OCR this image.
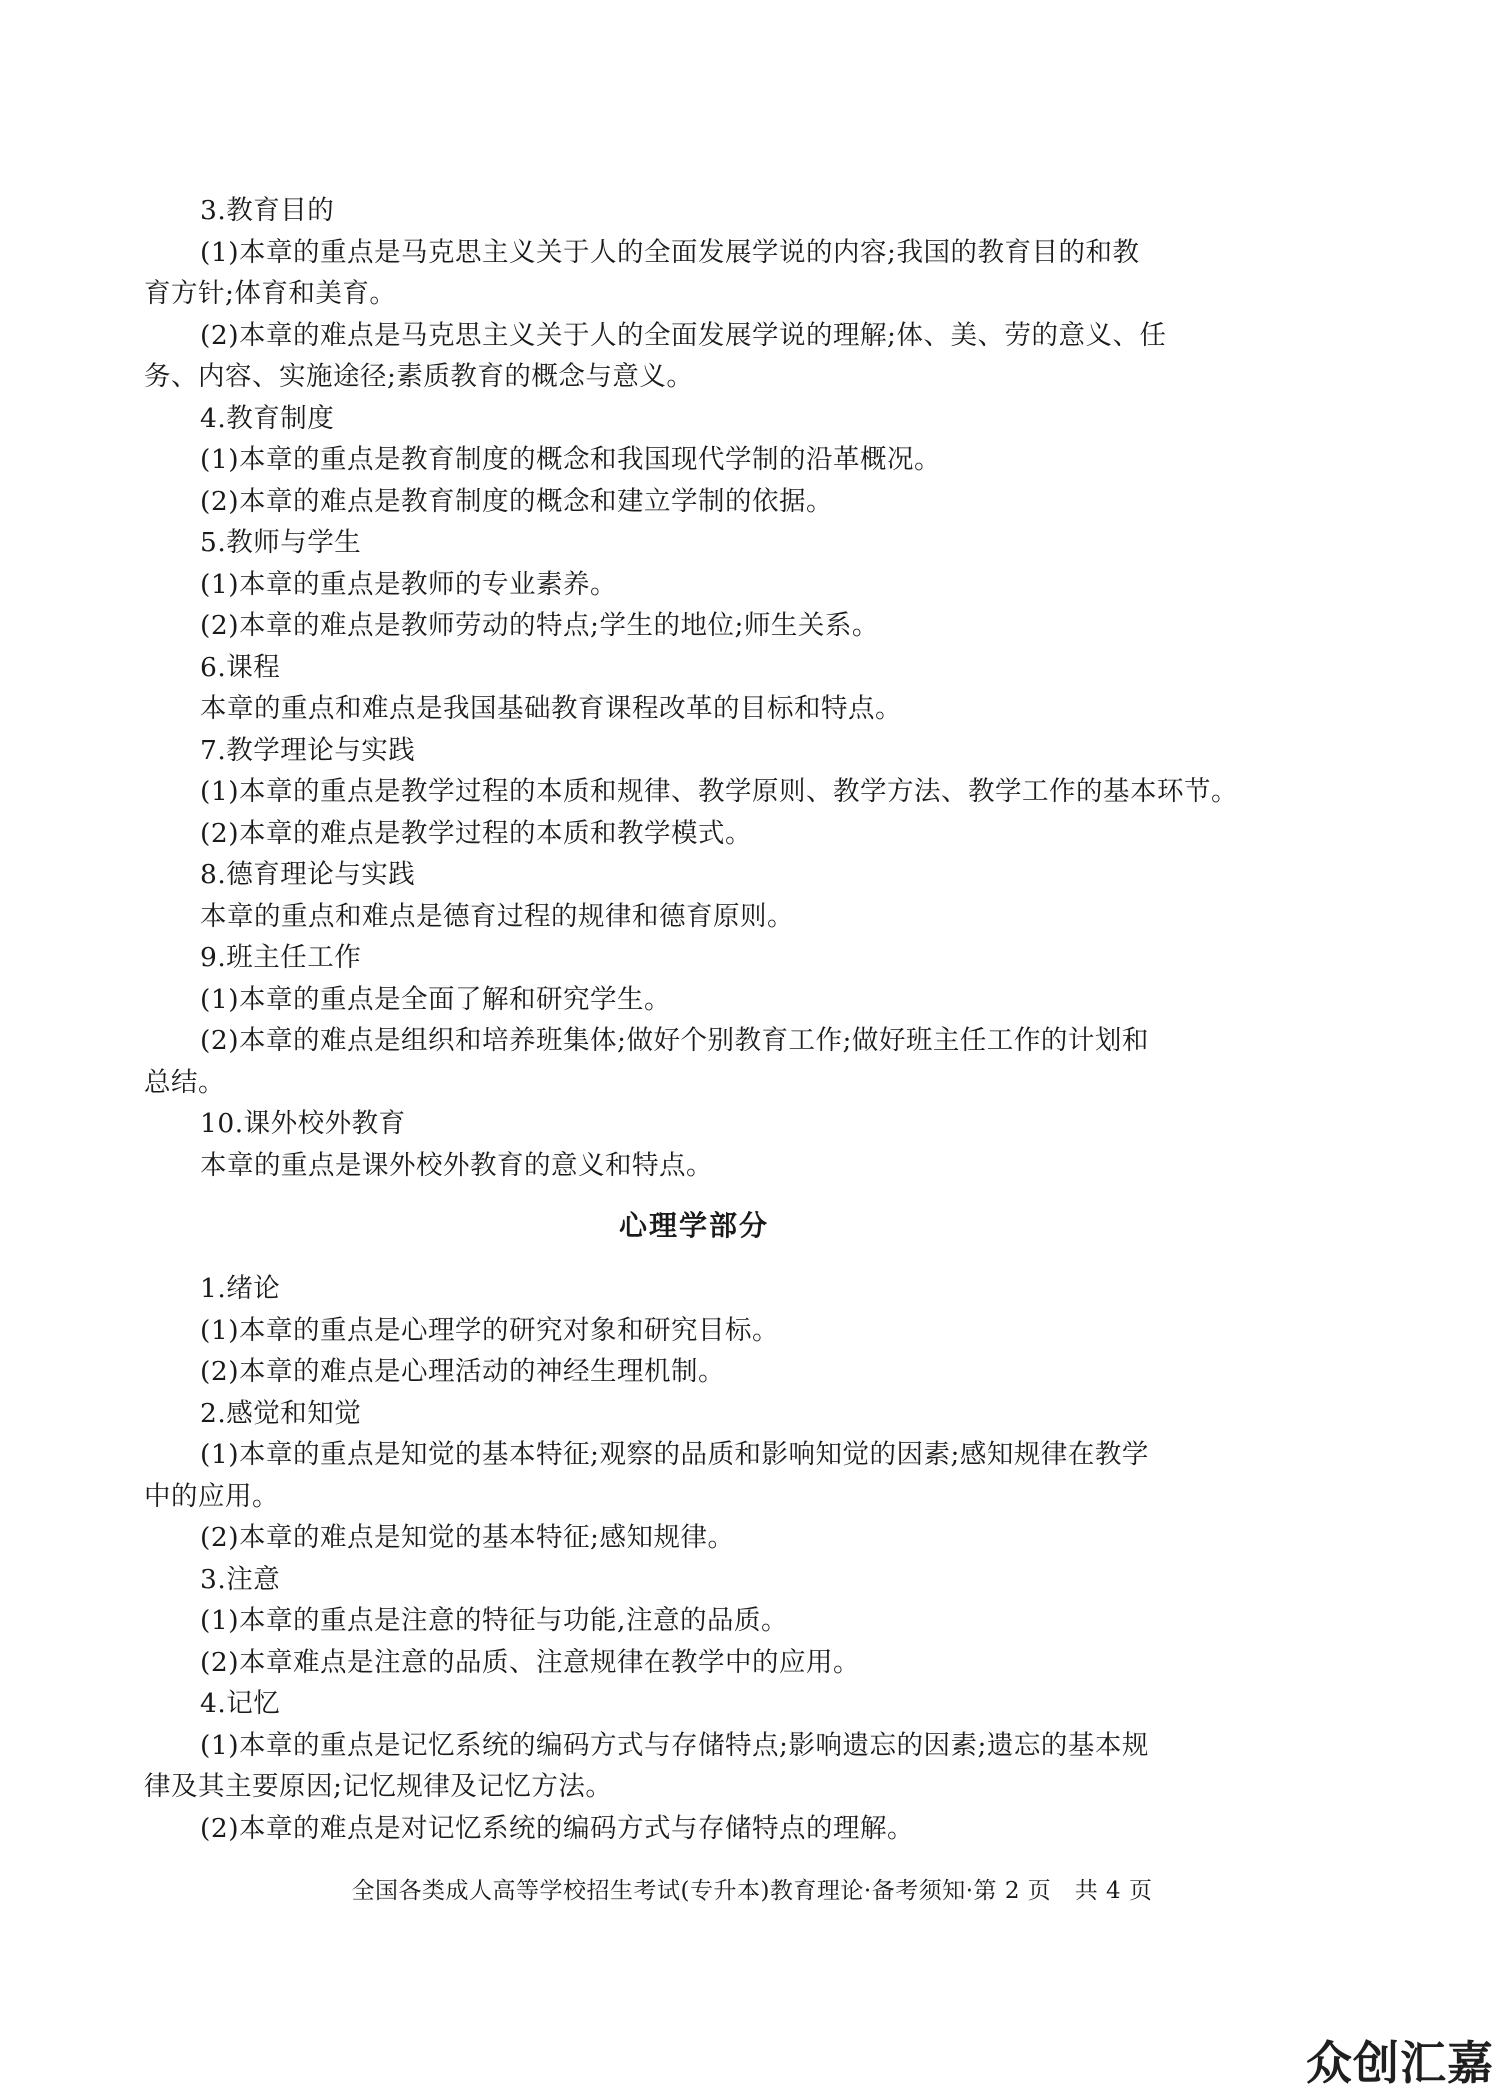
3.教育目的
(1)本章的重点是马克思主义关于人的全面发展学说的内容;我国的教育目的和教
育方针;体育和美育。
(2)本章的难点是马克思主义关于人的全面发展学说的理解;体、美、劳的意义、任
务、内容、实施途径;素质教育的概念与意义。
4.教育制度
(1)本章的重点是教育制度的概念和我国现代学制的沿革概况。
(2)本章的难点是教育制度的概念和建立学制的依据。
5.教师与学生
(1)本章的重点是教师的专业素养。
(2)本章的难点是教师劳动的特点;学生的地位;师生关系。
6.课程
本章的重点和难点是我国基础教育课程改革的目标和特点。
7.教学理论与实践
(1)本章的重点是教学过程的本质和规律、教学原则、教学方法、教学工作的基本环节。
(2)本章的难点是教学过程的本质和教学模式。
8.德育理论与实践
本章的重点和难点是德育过程的规律和德育原则。
9.班主任工作
(1)本章的重点是全面了解和研究学生。
(2)本章的难点是组织和培养班集体;做好个别教育工作;做好班主任工作的计划和
总结。
10.课外校外教育
本章的重点是课外校外教育的意义和特点。
心理学部分
1.绪论
(1)本章的重点是心理学的研究对象和研究目标。
(2)本章的难点是心理活动的神经生理机制。
2.感觉和知觉
(1)本章的重点是知觉的基本特征;观察的品质和影响知觉的因素;感知规律在教学
中的应用。
(2)本章的难点是知觉的基本特征;感知规律。
3.注意
(1)本章的重点是注意的特征与功能,注意的品质。
(2)本章难点是注意的品质、注意规律在教学中的应用。
4.记忆
(1)本章的重点是记忆系统的编码方式与存储特点;影响遗忘的因素;遗忘的基本规
律及其主要原因;记忆规律及记忆方法。
(2)本章的难点是对记忆系统的编码方式与存储特点的理解。
全国各类成人高等学校招生考试(专升本)教育理论·备考须知·第 2 页   共 4 页
众创汇嘉
